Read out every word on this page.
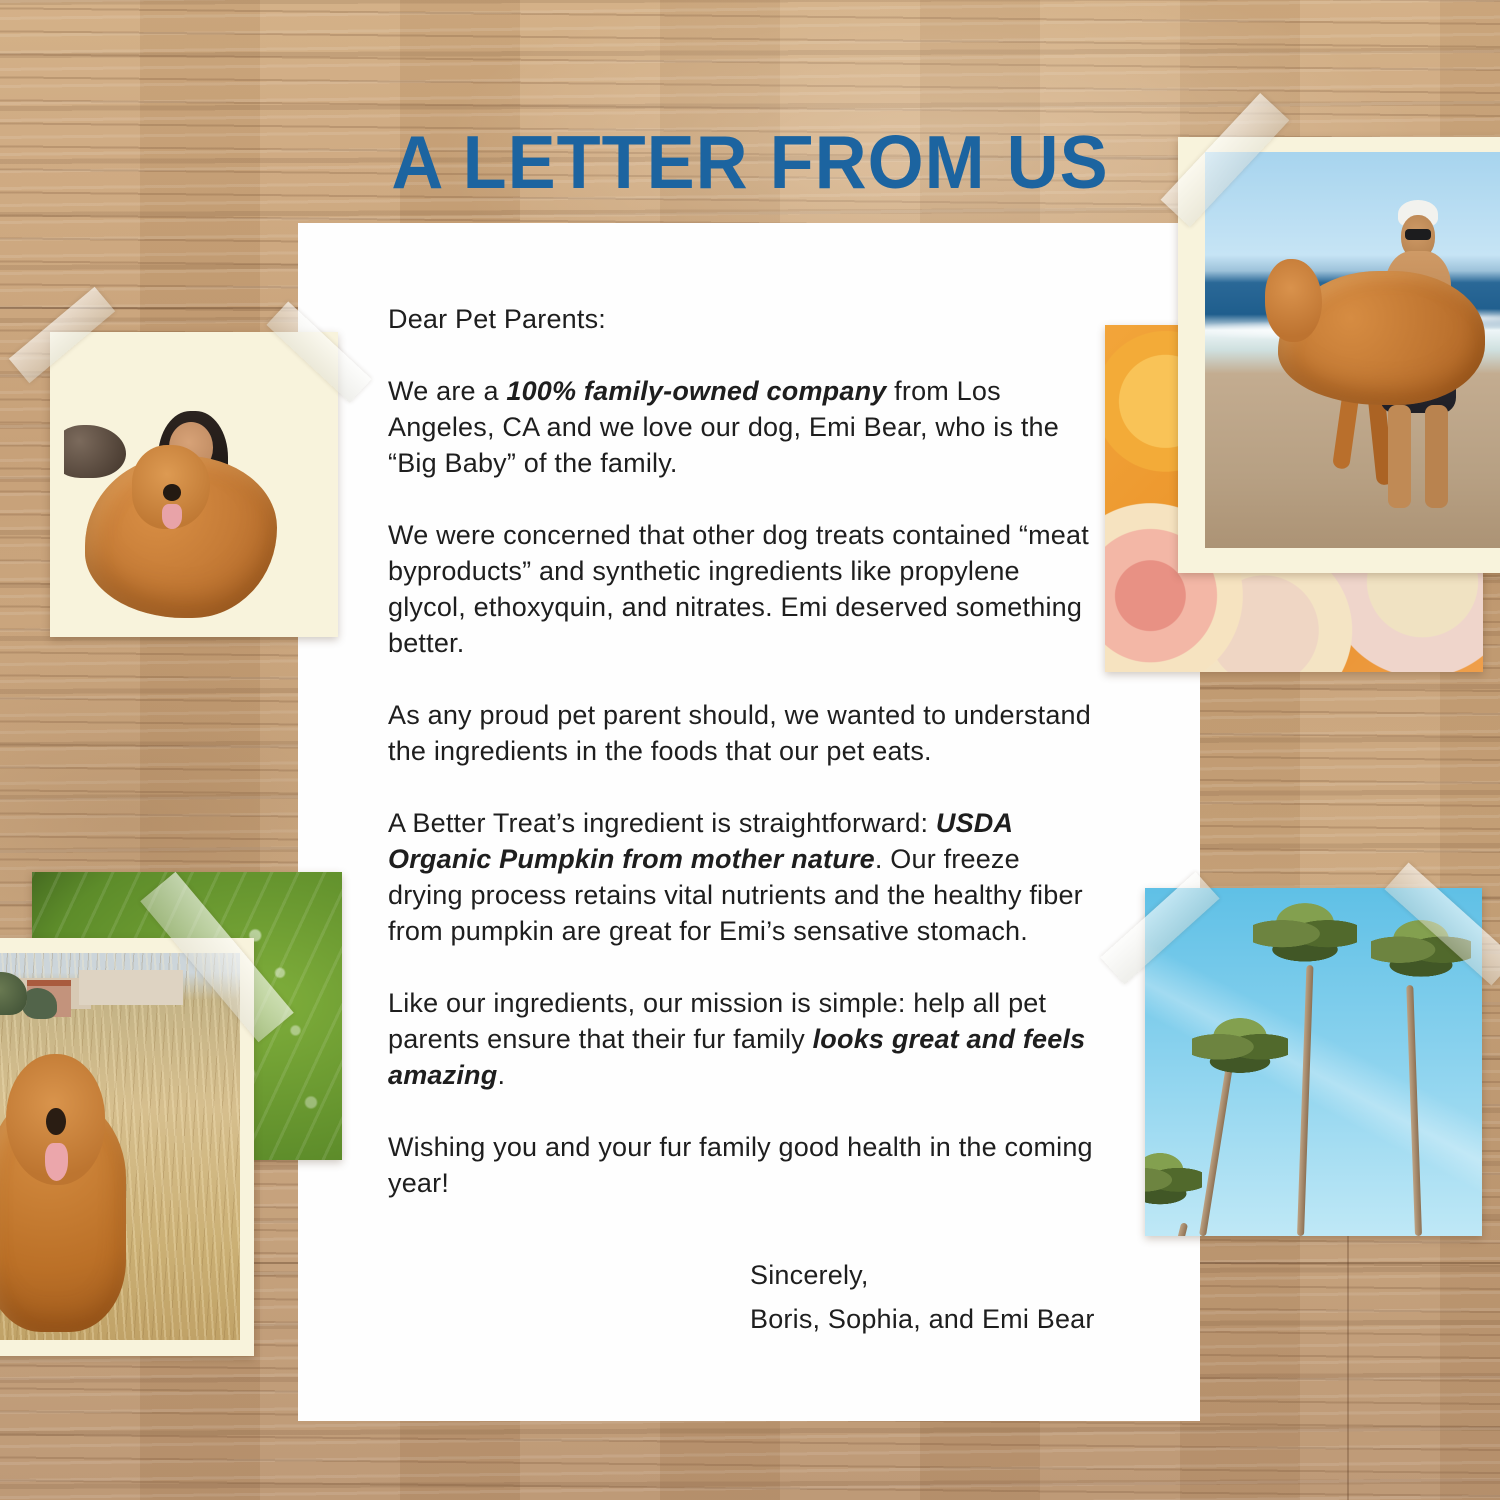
A LETTER FROM US

Dear Pet Parents:

We are a 100% family-owned company from Los Angeles, CA and we love our dog, Emi Bear, who is the “Big Baby” of the family.

We were concerned that other dog treats contained “meat byproducts” and synthetic ingredients like propylene glycol, ethoxyquin, and nitrates. Emi deserved something better.

As any proud pet parent should, we wanted to understand the ingredients in the foods that our pet eats.

A Better Treat’s ingredient is straightforward: USDA Organic Pumpkin from mother nature. Our freeze drying process retains vital nutrients and the healthy fiber from pumpkin are great for Emi’s sensative stomach.

Like our ingredients, our mission is simple: help all pet parents ensure that their fur family looks great and feels amazing.

Wishing you and your fur family good health in the coming year!

Sincerely,

Boris, Sophia, and Emi Bear
